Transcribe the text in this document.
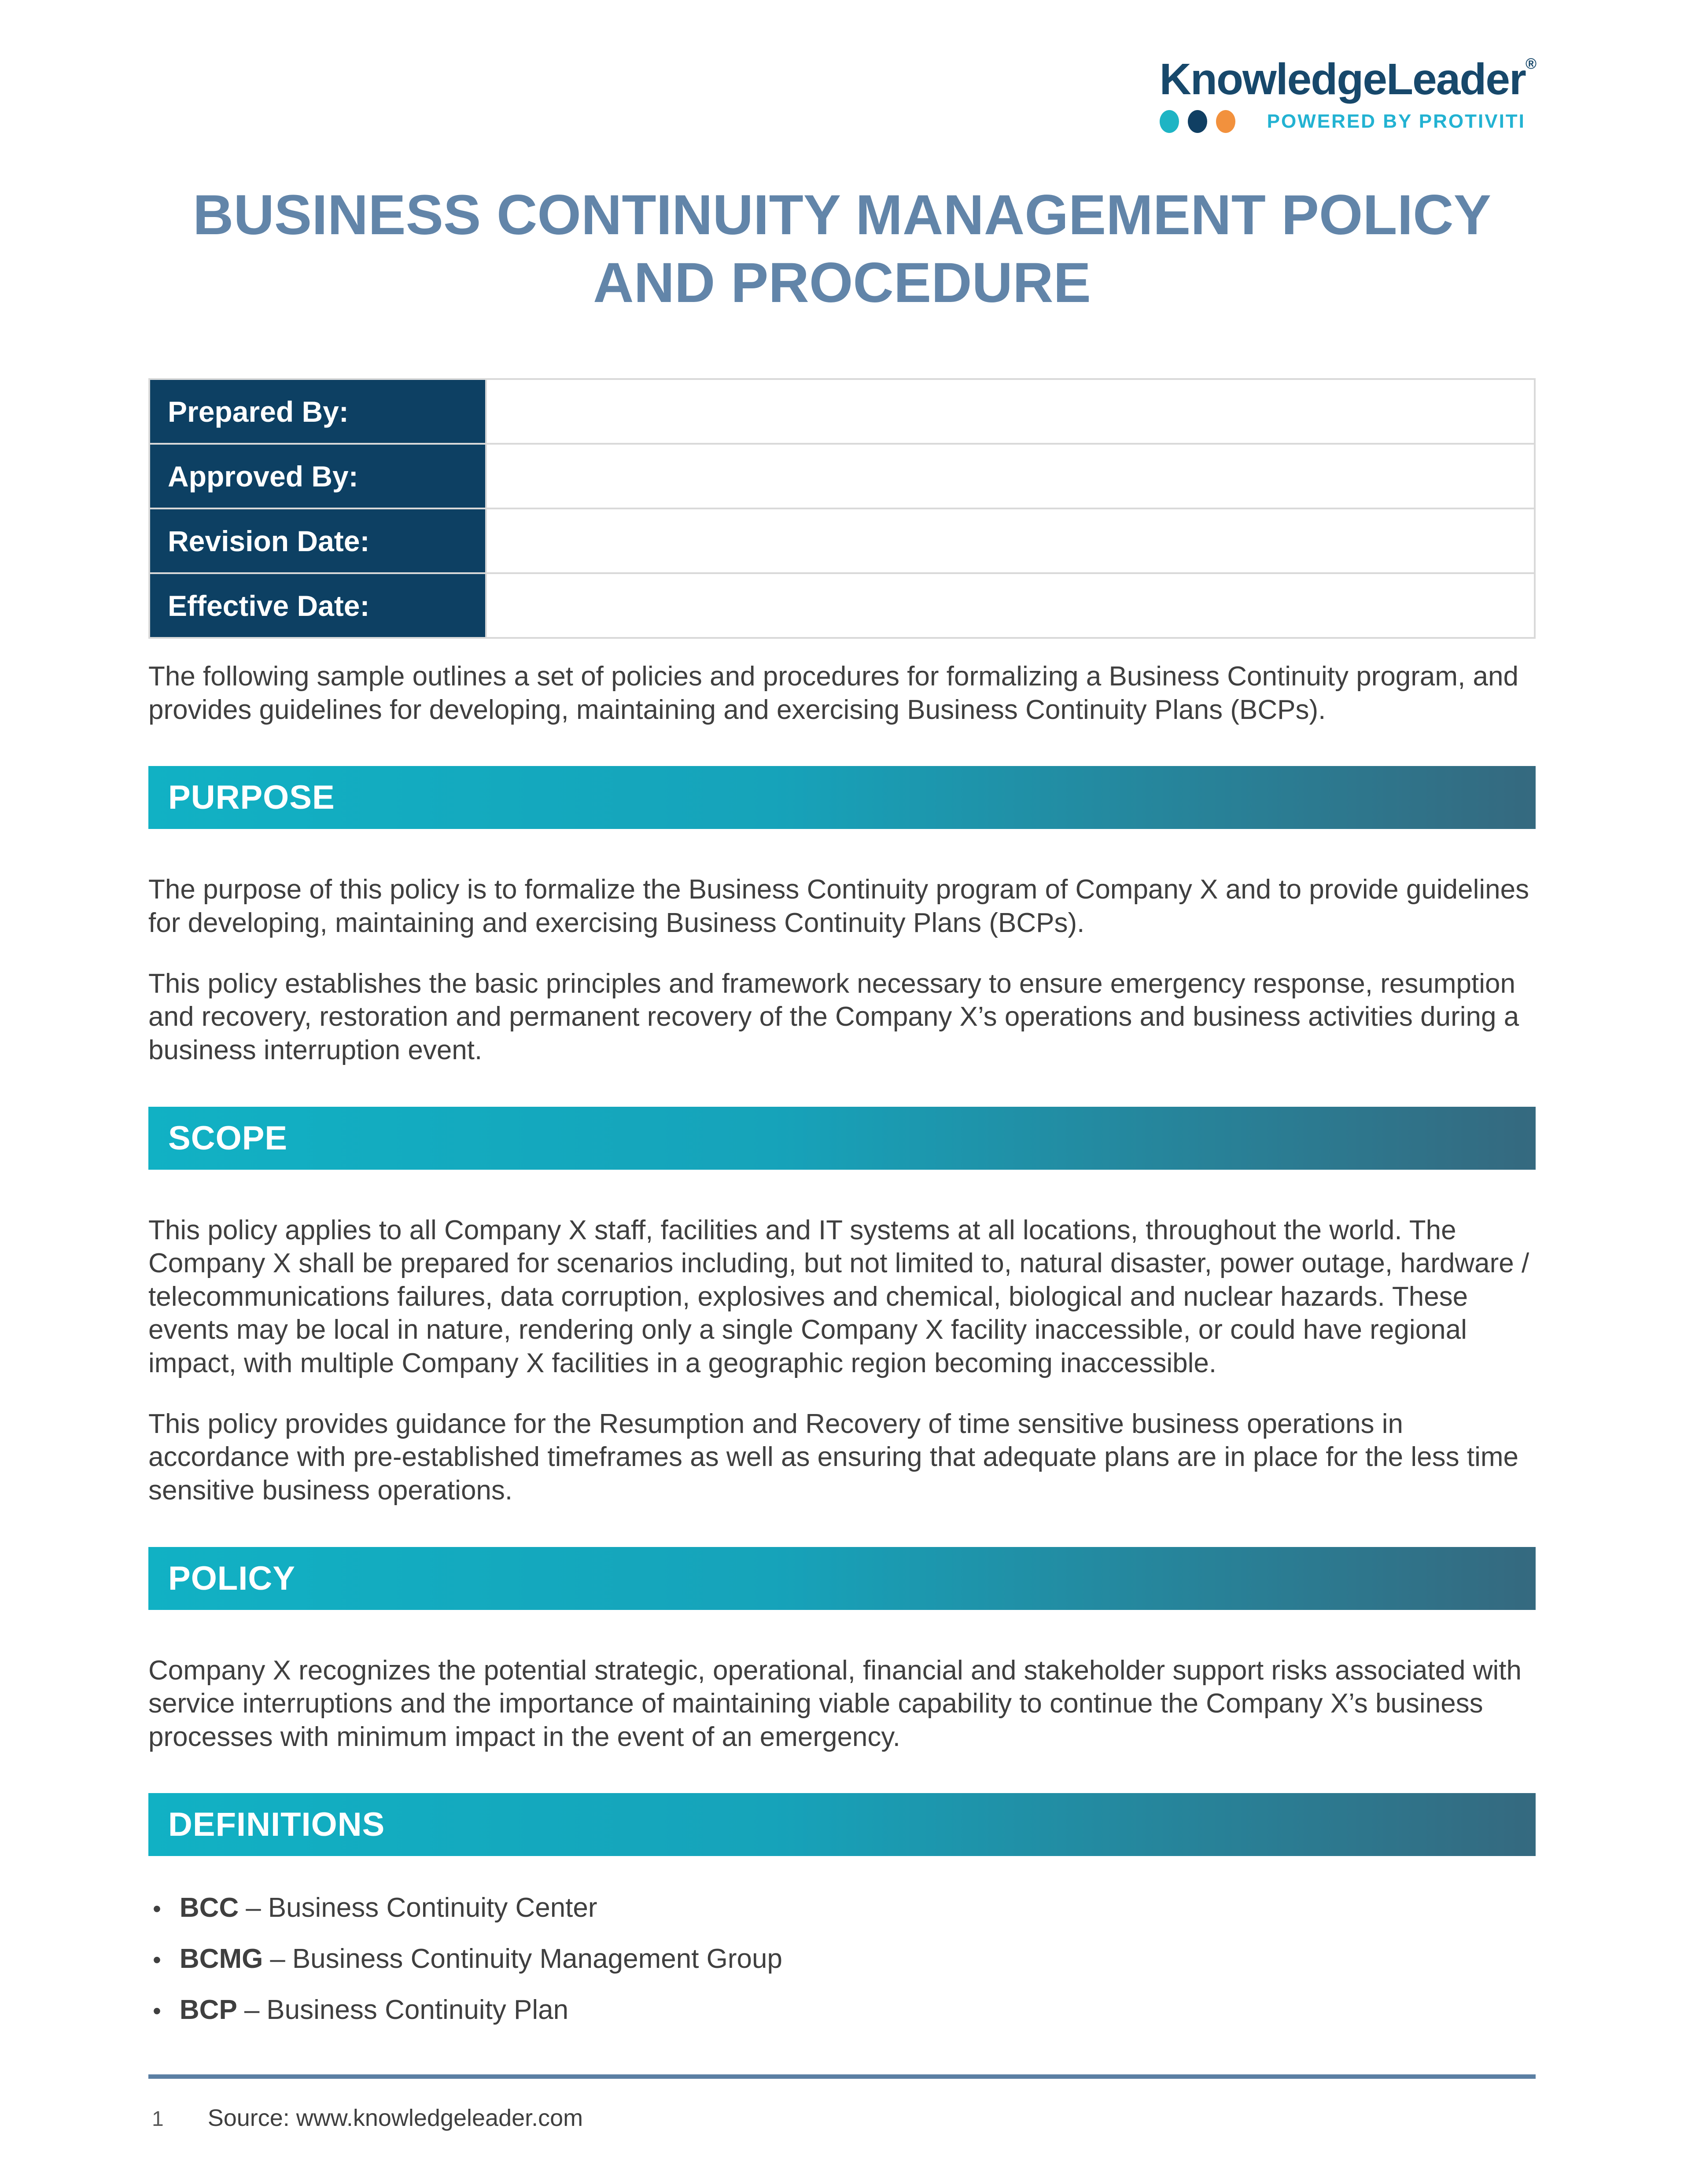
KnowledgeLeader®
POWERED BY PROTIVITI
BUSINESS CONTINUITY MANAGEMENT POLICY AND PROCEDURE
Prepared By:	
Approved By:	
Revision Date:	
Effective Date:	

The following sample outlines a set of policies and procedures for formalizing a Business Continuity program, and provides guidelines for developing, maintaining and exercising Business Continuity Plans (BCPs).

PURPOSE

The purpose of this policy is to formalize the Business Continuity program of Company X and to provide guidelines for developing, maintaining and exercising Business Continuity Plans (BCPs).

This policy establishes the basic principles and framework necessary to ensure emergency response, resumption and recovery, restoration and permanent recovery of the Company X’s operations and business activities during a business interruption event.

SCOPE

This policy applies to all Company X staff, facilities and IT systems at all locations, throughout the world. The Company X shall be prepared for scenarios including, but not limited to, natural disaster, power outage, hardware / telecommunications failures, data corruption, explosives and chemical, biological and nuclear hazards. These events may be local in nature, rendering only a single Company X facility inaccessible, or could have regional impact, with multiple Company X facilities in a geographic region becoming inaccessible.

This policy provides guidance for the Resumption and Recovery of time sensitive business operations in accordance with pre-established timeframes as well as ensuring that adequate plans are in place for the less time sensitive business operations.

POLICY

Company X recognizes the potential strategic, operational, financial and stakeholder support risks associated with service interruptions and the importance of maintaining viable capability to continue the Company X’s business processes with minimum impact in the event of an emergency.

DEFINITIONS
• BCC – Business Continuity Center
• BCMG – Business Continuity Management Group
• BCP – Business Continuity Plan
1 Source: www.knowledgeleader.com
